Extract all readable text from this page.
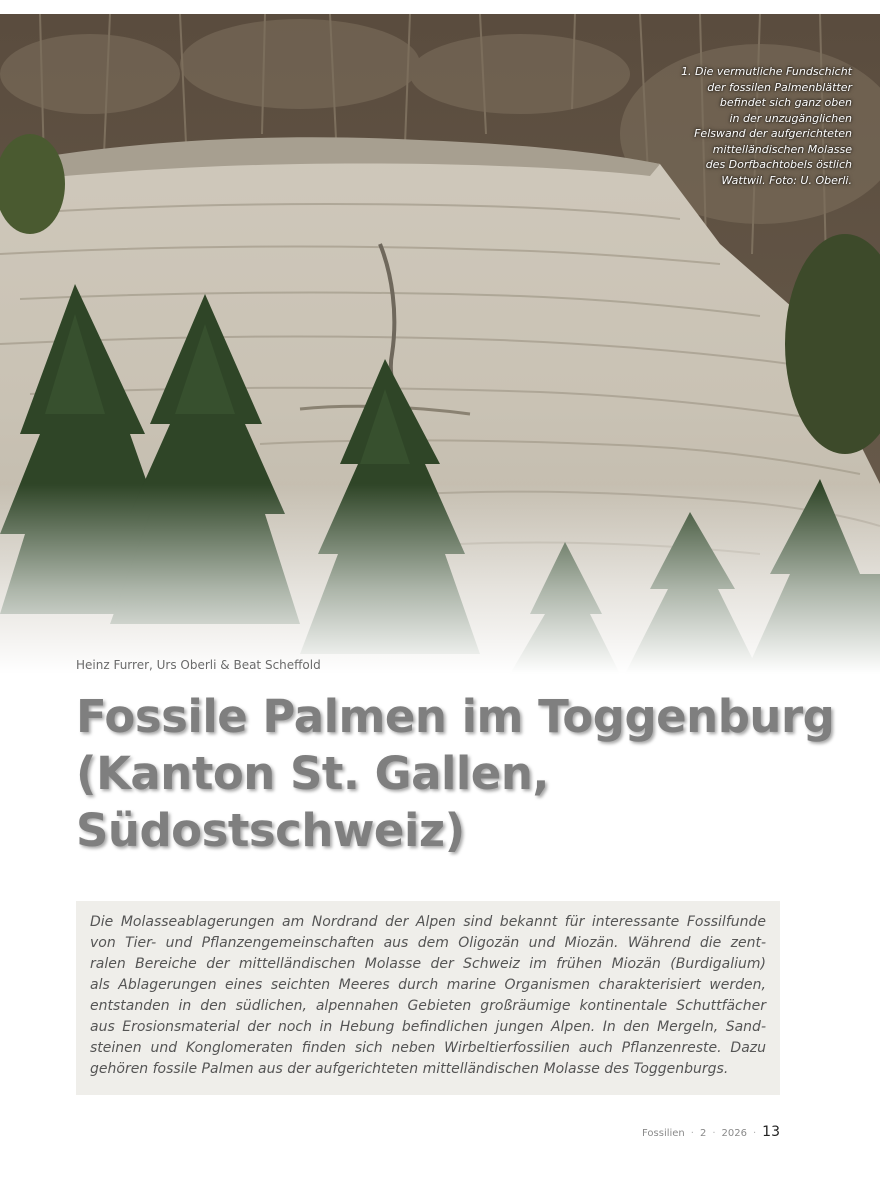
1. Die vermutliche Fundschicht
der fossilen Palmenblätter
befindet sich ganz oben
in der unzugänglichen
Felswand der aufgerichteten
mittelländischen Molasse
des Dorfbachtobels östlich
Wattwil. Foto: U. Oberli.
Heinz Furrer, Urs Oberli & Beat Scheffold
Fossile Palmen im Toggenburg
(Kanton St. Gallen,
Südostschweiz)

Die Molasseablagerungen am Nordrand der Alpen sind bekannt für interessante Fossilfunde
von Tier- und Pflanzengemeinschaften aus dem Oligozän und Miozän. Während die zent-
ralen Bereiche der mittelländischen Molasse der Schweiz im frühen Miozän (Burdigalium)
als Ablagerungen eines seichten Meeres durch marine Organismen charakterisiert werden,
entstanden in den südlichen, alpennahen Gebieten großräumige kontinentale Schuttfächer
aus Erosionsmaterial der noch in Hebung befindlichen jungen Alpen. In den Mergeln, Sand-
steinen und Konglomeraten finden sich neben Wirbeltierfossilien auch Pflanzenreste. Dazu
gehören fossile Palmen aus der aufgerichteten mittelländischen Molasse des Toggenburgs.

Fossilien · 2 · 2026 · 13
